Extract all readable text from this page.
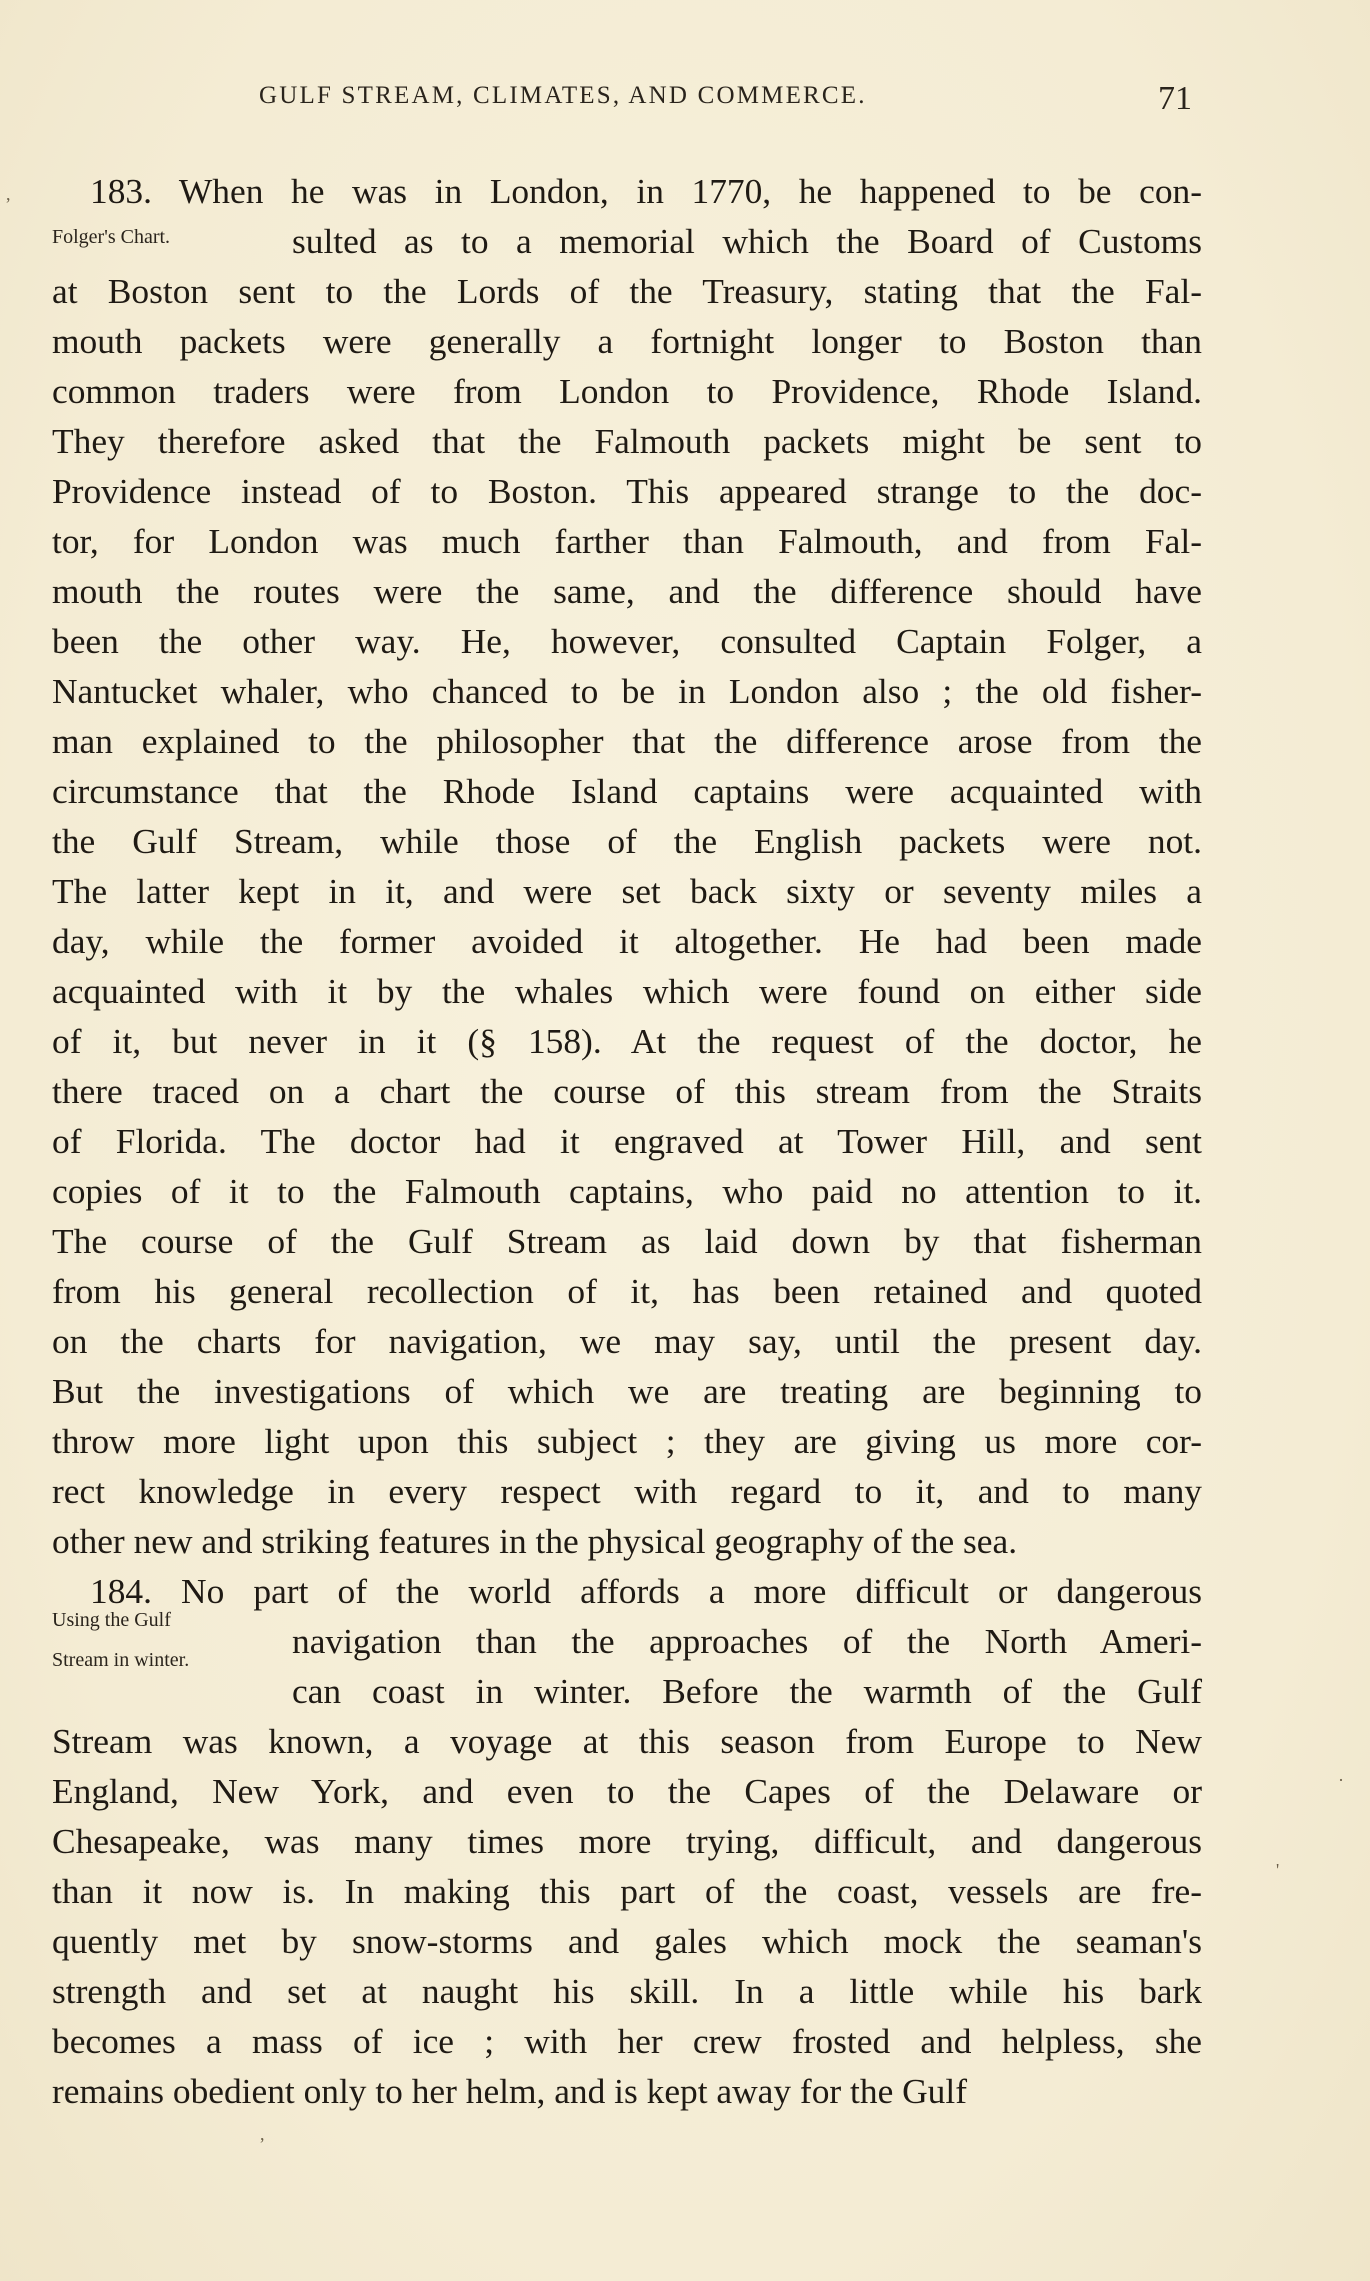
GULF STREAM, CLIMATES, AND COMMERCE.	71
Folger's Chart.
Using the Gulf
Stream in winter.
183. When he was in London, in 1770, he happened to be con-
sulted as to a memorial which the Board of Customs
at Boston sent to the Lords of the Treasury, stating that the Fal-
mouth packets were generally a fortnight longer to Boston than
common traders were from London to Providence, Rhode Island.
They therefore asked that the Falmouth packets might be sent to
Providence instead of to Boston. This appeared strange to the doc-
tor, for London was much farther than Falmouth, and from Fal-
mouth the routes were the same, and the difference should have
been the other way. He, however, consulted Captain Folger, a
Nantucket whaler, who chanced to be in London also ; the old fisher-
man explained to the philosopher that the difference arose from the
circumstance that the Rhode Island captains were acquainted with
the Gulf Stream, while those of the English packets were not.
The latter kept in it, and were set back sixty or seventy miles a
day, while the former avoided it altogether. He had been made
acquainted with it by the whales which were found on either side
of it, but never in it (§ 158). At the request of the doctor, he
there traced on a chart the course of this stream from the Straits
of Florida. The doctor had it engraved at Tower Hill, and sent
copies of it to the Falmouth captains, who paid no attention to it.
The course of the Gulf Stream as laid down by that fisherman
from his general recollection of it, has been retained and quoted
on the charts for navigation, we may say, until the present day.
But the investigations of which we are treating are beginning to
throw more light upon this subject ; they are giving us more cor-
rect knowledge in every respect with regard to it, and to many
other new and striking features in the physical geography of the sea.
184. No part of the world affords a more difficult or dangerous
navigation than the approaches of the North Ameri-
can coast in winter. Before the warmth of the Gulf
Stream was known, a voyage at this season from Europe to New
England, New York, and even to the Capes of the Delaware or
Chesapeake, was many times more trying, difficult, and dangerous
than it now is. In making this part of the coast, vessels are fre-
quently met by snow-storms and gales which mock the seaman's
strength and set at naught his skill. In a little while his bark
becomes a mass of ice ; with her crew frosted and helpless, she
remains obedient only to her helm, and is kept away for the Gulf
,
·
'
,
